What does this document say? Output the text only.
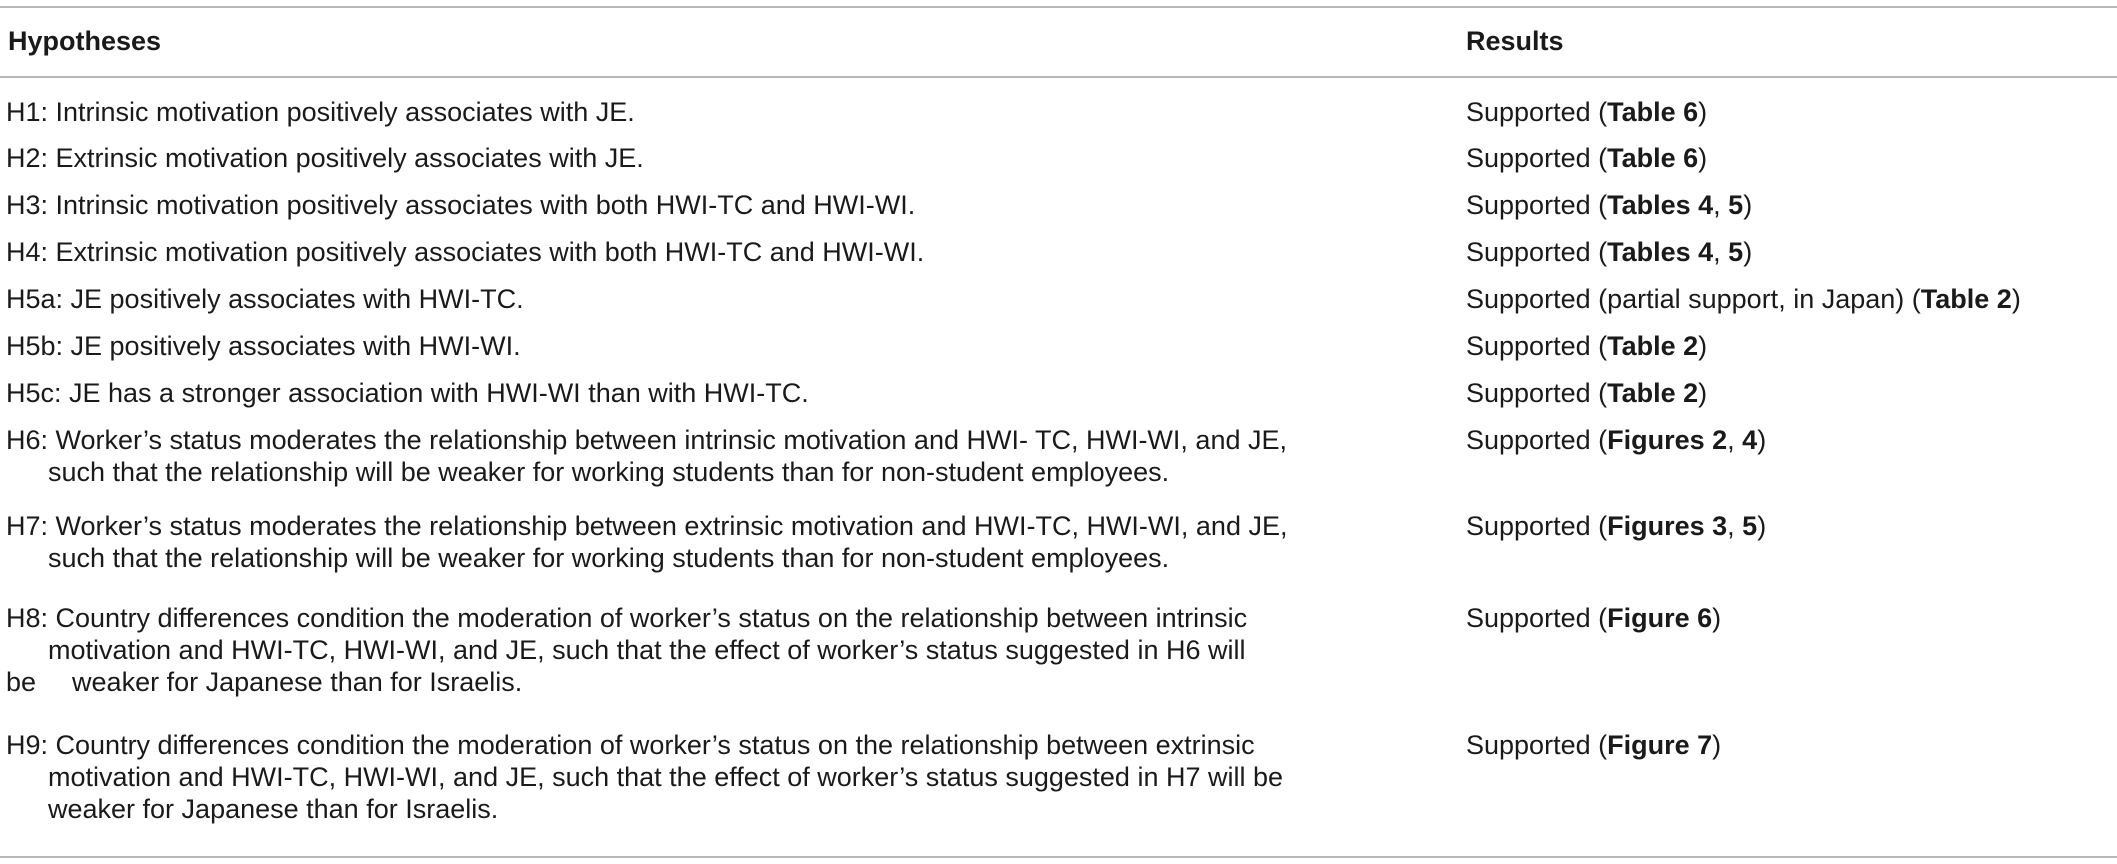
Hypotheses	Results
H1: Intrinsic motivation positively associates with JE.	Supported (Table 6)
H2: Extrinsic motivation positively associates with JE.	Supported (Table 6)
H3: Intrinsic motivation positively associates with both HWI-TC and HWI-WI.	Supported (Tables 4, 5)
H4: Extrinsic motivation positively associates with both HWI-TC and HWI-WI.	Supported (Tables 4, 5)
H5a: JE positively associates with HWI-TC.	Supported (partial support, in Japan) (Table 2)
H5b: JE positively associates with HWI-WI.	Supported (Table 2)
H5c: JE has a stronger association with HWI-WI than with HWI-TC.	Supported (Table 2)
H6: Worker’s status moderates the relationship between intrinsic motivation and HWI- TC, HWI-WI, and JE,
such that the relationship will be weaker for working students than for non-student employees.
Supported (Figures 2, 4)
H7: Worker’s status moderates the relationship between extrinsic motivation and HWI-TC, HWI-WI, and JE,
such that the relationship will be weaker for working students than for non-student employees.
Supported (Figures 3, 5)
H8: Country differences condition the moderation of worker’s status on the relationship between intrinsic
motivation and HWI-TC, HWI-WI, and JE, such that the effect of worker’s status suggested in H6 will
be weaker for Japanese than for Israelis.
Supported (Figure 6)
H9: Country differences condition the moderation of worker’s status on the relationship between extrinsic
motivation and HWI-TC, HWI-WI, and JE, such that the effect of worker’s status suggested in H7 will be
weaker for Japanese than for Israelis.
Supported (Figure 7)
